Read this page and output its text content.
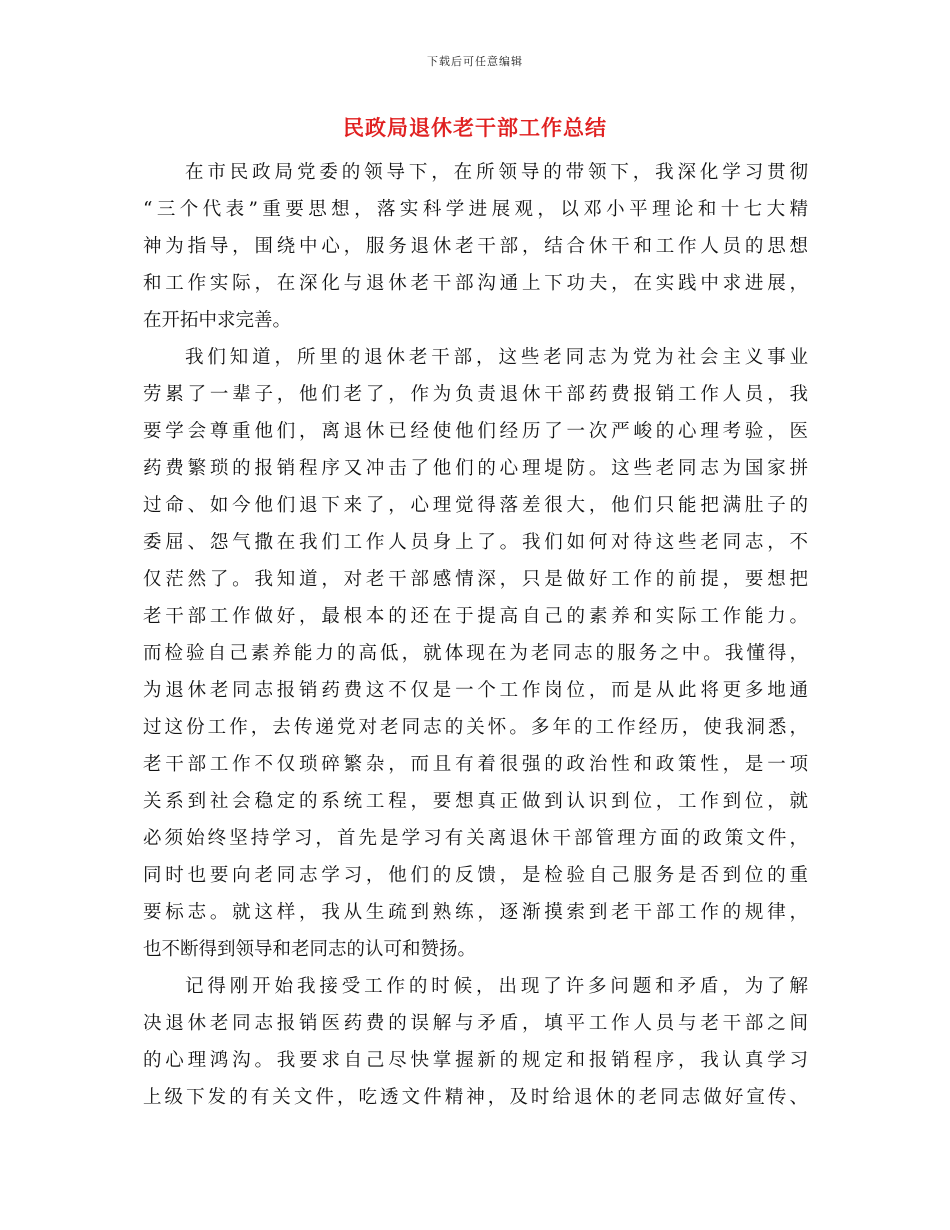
下载后可任意编辑
民政局退休老干部工作总结
在市民政局党委的领导下，在所领导的带领下，我深化学习贯彻
“三个代表”重要思想，落实科学进展观，以邓小平理论和十七大精
神为指导，围绕中心，服务退休老干部，结合休干和工作人员的思想
和工作实际，在深化与退休老干部沟通上下功夫，在实践中求进展，
在开拓中求完善。
我们知道，所里的退休老干部，这些老同志为党为社会主义事业
劳累了一辈子，他们老了，作为负责退休干部药费报销工作人员，我
要学会尊重他们，离退休已经使他们经历了一次严峻的心理考验，医
药费繁琐的报销程序又冲击了他们的心理堤防。这些老同志为国家拼
过命、如今他们退下来了，心理觉得落差很大，他们只能把满肚子的
委屈、怨气撒在我们工作人员身上了。我们如何对待这些老同志，不
仅茫然了。我知道，对老干部感情深，只是做好工作的前提，要想把
老干部工作做好，最根本的还在于提高自己的素养和实际工作能力。
而检验自己素养能力的高低，就体现在为老同志的服务之中。我懂得，
为退休老同志报销药费这不仅是一个工作岗位，而是从此将更多地通
过这份工作，去传递党对老同志的关怀。多年的工作经历，使我洞悉，
老干部工作不仅琐碎繁杂，而且有着很强的政治性和政策性，是一项
关系到社会稳定的系统工程，要想真正做到认识到位，工作到位，就
必须始终坚持学习，首先是学习有关离退休干部管理方面的政策文件，
同时也要向老同志学习，他们的反馈，是检验自己服务是否到位的重
要标志。就这样，我从生疏到熟练，逐渐摸索到老干部工作的规律，
也不断得到领导和老同志的认可和赞扬。
记得刚开始我接受工作的时候，出现了许多问题和矛盾，为了解
决退休老同志报销医药费的误解与矛盾，填平工作人员与老干部之间
的心理鸿沟。我要求自己尽快掌握新的规定和报销程序，我认真学习
上级下发的有关文件，吃透文件精神，及时给退休的老同志做好宣传、
